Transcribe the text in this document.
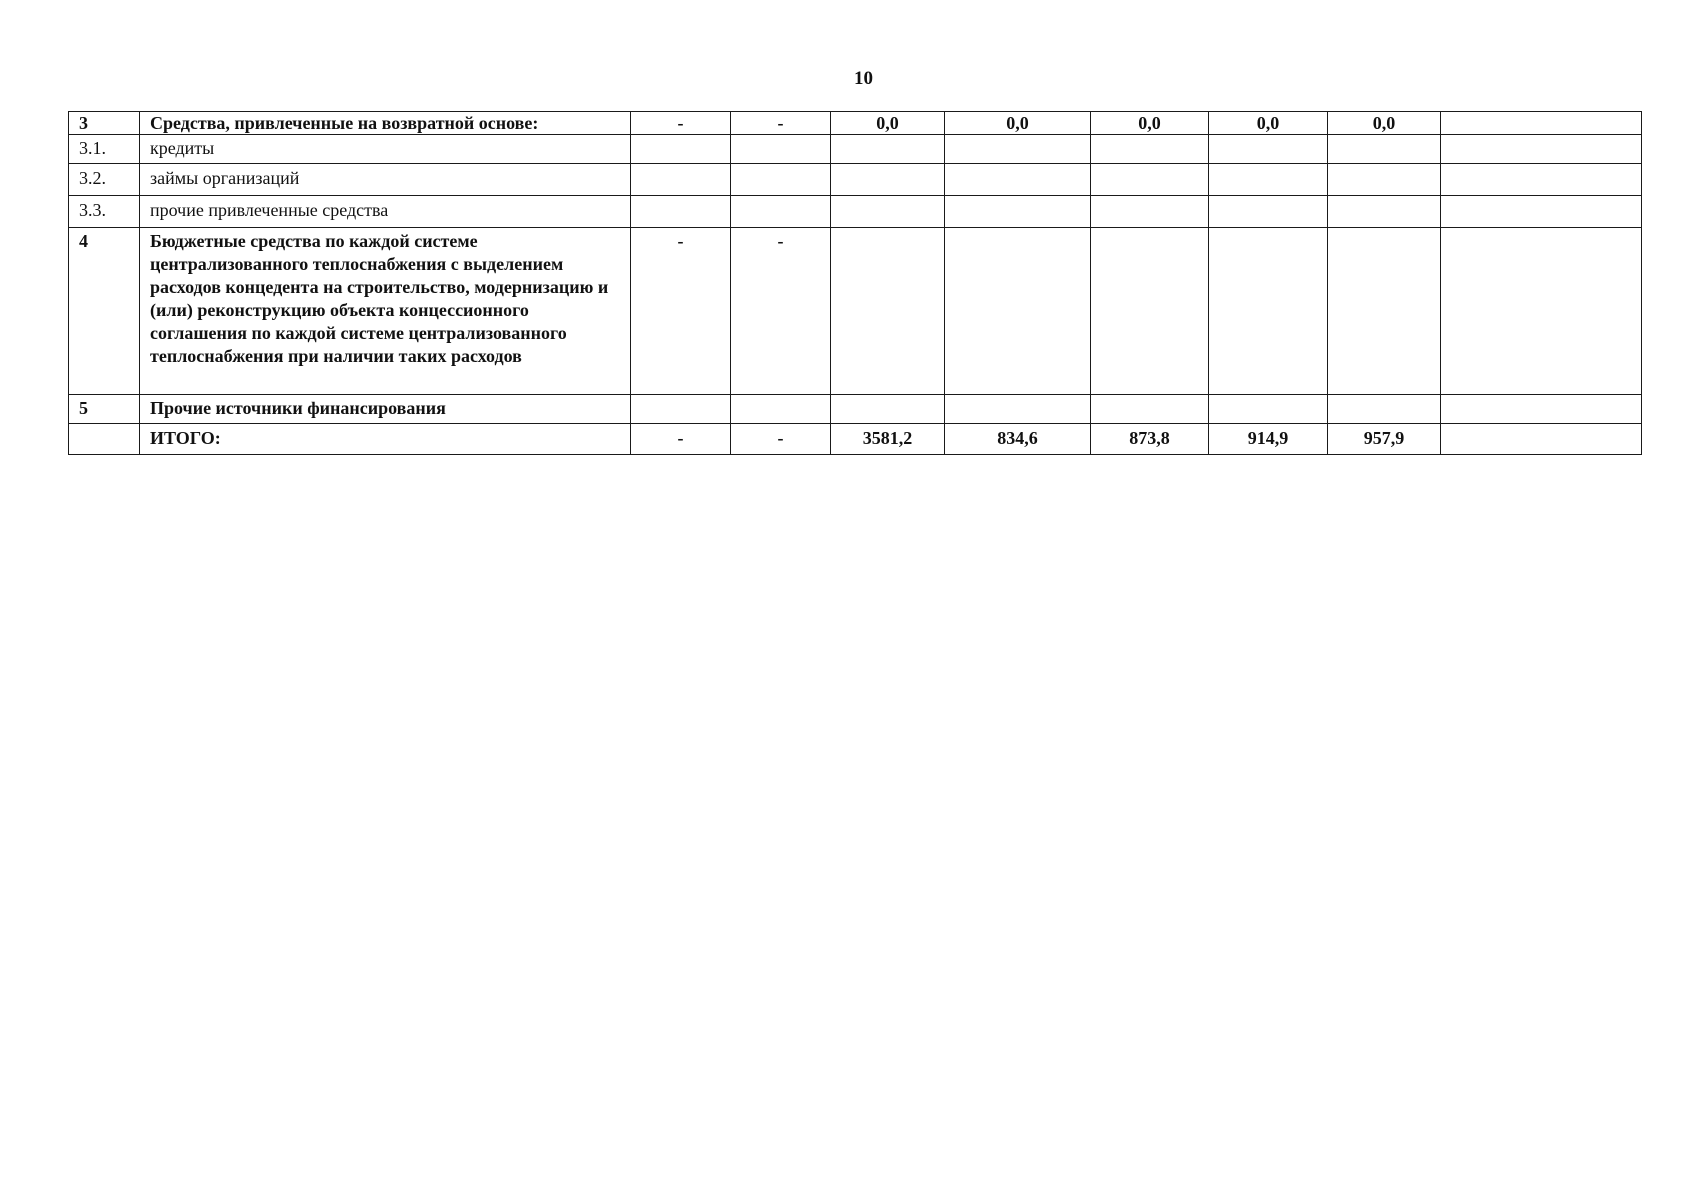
10
3	Средства, привлеченные на возвратной основе:	-	-	0,0	0,0	0,0	0,0	0,0	
3.1.	кредиты								
3.2.	займы организаций								
3.3.	прочие привлеченные средства								
4	Бюджетные средства по каждой системе централизованного теплоснабжения с выделением расходов концедента на строительство, модернизацию и (или) реконструкцию объекта концессионного соглашения по каждой системе централизованного теплоснабжения при наличии таких расходов	-	-						
5	Прочие источники финансирования								
	ИТОГО:	-	-	3581,2	834,6	873,8	914,9	957,9	
